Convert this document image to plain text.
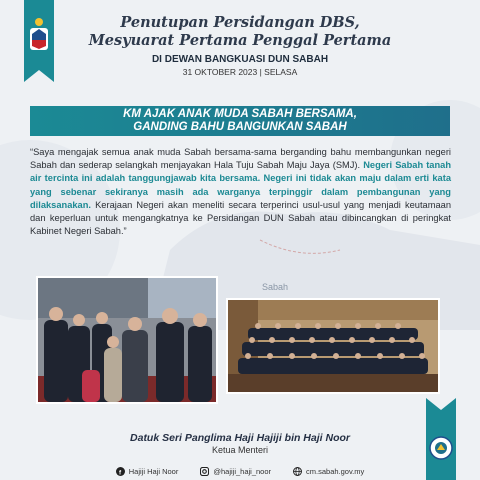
Sabah
Penutupan Persidangan DBS,
Mesyuarat Pertama Penggal Pertama
DI DEWAN BANGKUASI DUN SABAH
31 OKTOBER 2023 | SELASA
KM AJAK ANAK MUDA SABAH BERSAMA,
GANDING BAHU BANGUNKAN SABAH
“Saya mengajak semua anak muda Sabah bersama-sama berganding bahu membangunkan negeri Sabah dan sederap selangkah menjayakan Hala Tuju Sabah Maju Jaya (SMJ). Negeri Sabah tanah air tercinta ini adalah tanggungjawab kita bersama. Negeri ini tidak akan maju dalam erti kata yang sebenar sekiranya masih ada warganya terpinggir dalam pembangunan yang dilaksanakan. Kerajaan Negeri akan meneliti secara terperinci usul-usul yang menjadi keutamaan dan keperluan untuk mengangkatnya ke Persidangan DUN Sabah atau dibincangkan di peringkat Kabinet Negeri Sabah.”
Datuk Seri Panglima Haji Hajiji bin Haji Noor
Ketua Menteri
f Hajiji Haji Noor	@hajiji_haji_noor	cm.sabah.gov.my
